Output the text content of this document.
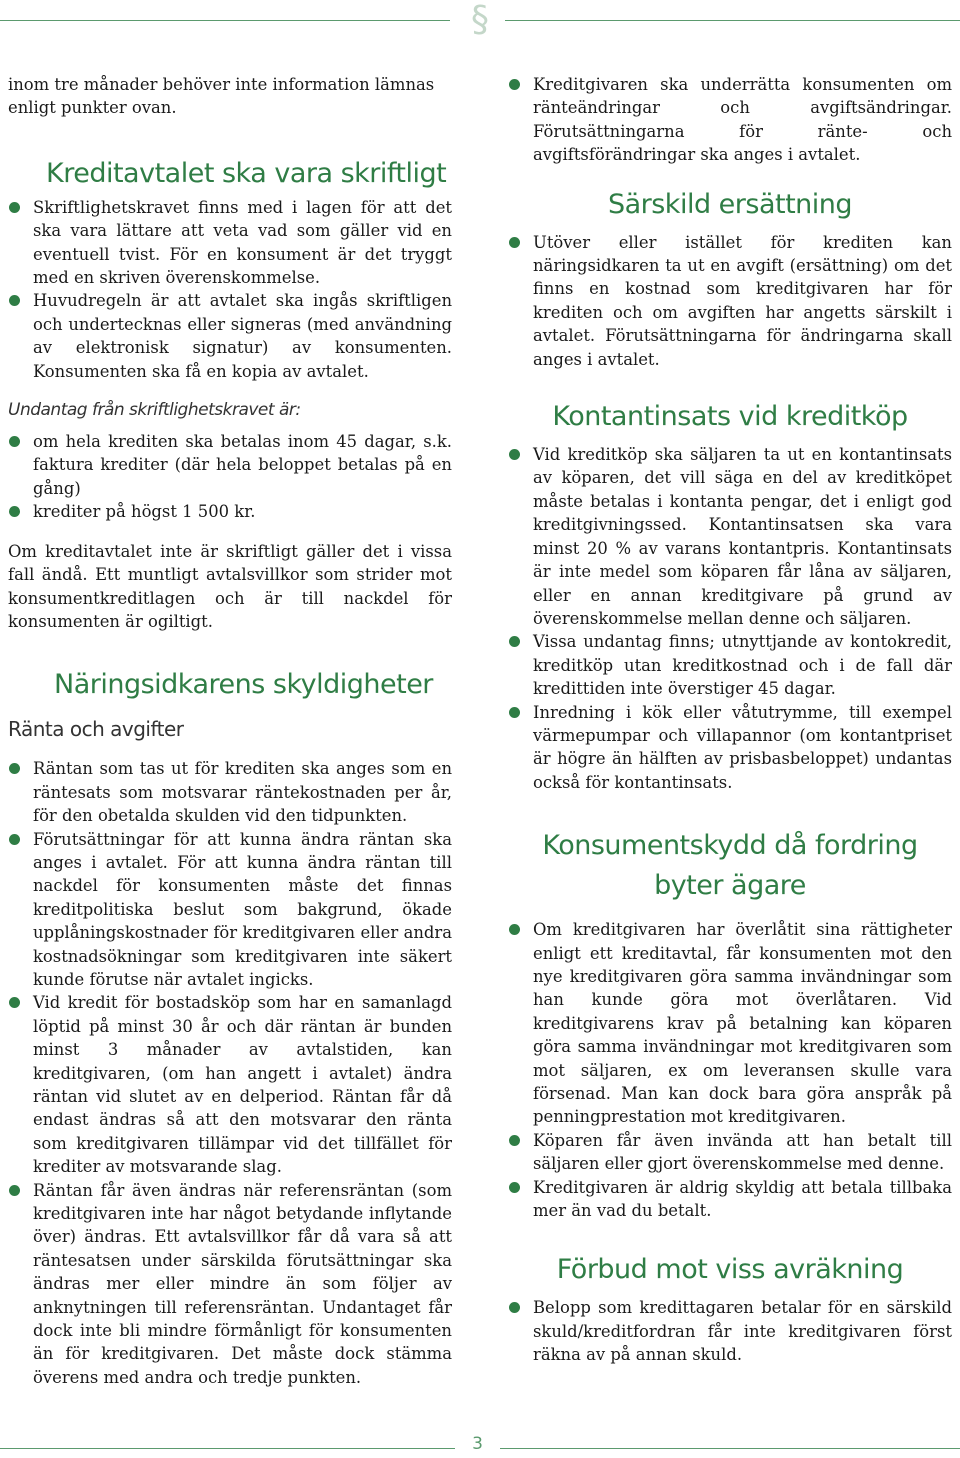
§

inom tre månader behöver inte information lämnas enligt punkter ovan.

Kreditavtalet ska vara skriftligt
Skriftlighetskravet finns med i lagen för att det ska vara lättare att veta vad som gäller vid en eventuell tvist. För en konsument är det tryggt med en skriven överenskommelse.
Huvudregeln är att avtalet ska ingås skriftligen och undertecknas eller signeras (med användning av elektronisk signatur) av konsumenten. Konsumenten ska få en kopia av avtalet.
Undantag från skriftlighetskravet är:
om hela krediten ska betalas inom 45 dagar, s.k. faktura krediter (där hela beloppet betalas på en gång)
krediter på högst 1 500 kr.

Om kreditavtalet inte är skriftligt gäller det i vissa fall ändå. Ett muntligt avtalsvillkor som strider mot konsumentkreditlagen och är till nackdel för konsumenten är ogiltigt.

Näringsidkarens skyldigheter
Ränta och avgifter
Räntan som tas ut för krediten ska anges som en räntesats som motsvarar räntekostnaden per år, för den obetalda skulden vid den tidpunkten.
Förutsättningar för att kunna ändra räntan ska anges i avtalet. För att kunna ändra räntan till nackdel för konsumenten måste det finnas kreditpolitiska beslut som bakgrund, ökade upplåningskostnader för kreditgivaren eller andra kostnadsökningar som kreditgivaren inte säkert kunde förutse när avtalet ingicks.
Vid kredit för bostadsköp som har en samanlagd löptid på minst 30 år och där räntan är bunden minst 3 månader av avtalstiden, kan kreditgivaren, (om han angett i avtalet) ändra räntan vid slutet av en delperiod. Räntan får då endast ändras så att den motsvarar den ränta som kreditgivaren tillämpar vid det tillfället för krediter av motsvarande slag.
Räntan får även ändras när referensräntan (som kreditgivaren inte har något betydande inflytande över) ändras. Ett avtalsvillkor får då vara så att räntesatsen under särskilda förutsättningar ska ändras mer eller mindre än som följer av anknytningen till referensräntan. Undantaget får dock inte bli mindre förmånligt för konsumenten än för kreditgivaren. Det måste dock stämma överens med andra och tredje punkten.
Kreditgivaren ska underrätta konsumenten om ränteändringar och avgiftsändringar. Förutsättningarna för ränte- och avgiftsförändringar ska anges i avtalet.
Särskild ersättning
Utöver eller istället för krediten kan näringsidkaren ta ut en avgift (ersättning) om det finns en kostnad som kreditgivaren har för krediten och om avgiften har angetts särskilt i avtalet. Förutsättningarna för ändringarna skall anges i avtalet.
Kontantinsats vid kreditköp
Vid kreditköp ska säljaren ta ut en kontantinsats av köparen, det vill säga en del av kreditköpet måste betalas i kontanta pengar, det i enligt god kreditgivningssed. Kontantinsatsen ska vara minst 20 % av varans kontantpris. Kontantinsats är inte medel som köparen får låna av säljaren, eller en annan kreditgivare på grund av överenskommelse mellan denne och säljaren.
Vissa undantag finns; utnyttjande av kontokredit, kreditköp utan kreditkostnad och i de fall där kredittiden inte överstiger 45 dagar.
Inredning i kök eller våtutrymme, till exempel värmepumpar och villapannor (om kontantpriset är högre än hälften av prisbasbeloppet) undantas också för kontantinsats.
Konsumentskydd då fordring
byter ägare
Om kreditgivaren har överlåtit sina rättigheter enligt ett kreditavtal, får konsumenten mot den nye kreditgivaren göra samma invändningar som han kunde göra mot överlåtaren. Vid kreditgivarens krav på betalning kan köparen göra samma invändningar mot kreditgivaren som mot säljaren, ex om leveransen skulle vara försenad. Man kan dock bara göra anspråk på penningprestation mot kreditgivaren.
Köparen får även invända att han betalt till säljaren eller gjort överenskommelse med denne.
Kreditgivaren är aldrig skyldig att betala tillbaka mer än vad du betalt.
Förbud mot viss avräkning
Belopp som kredittagaren betalar för en särskild skuld/kreditfordran får inte kreditgivaren först räkna av på annan skuld.
3
